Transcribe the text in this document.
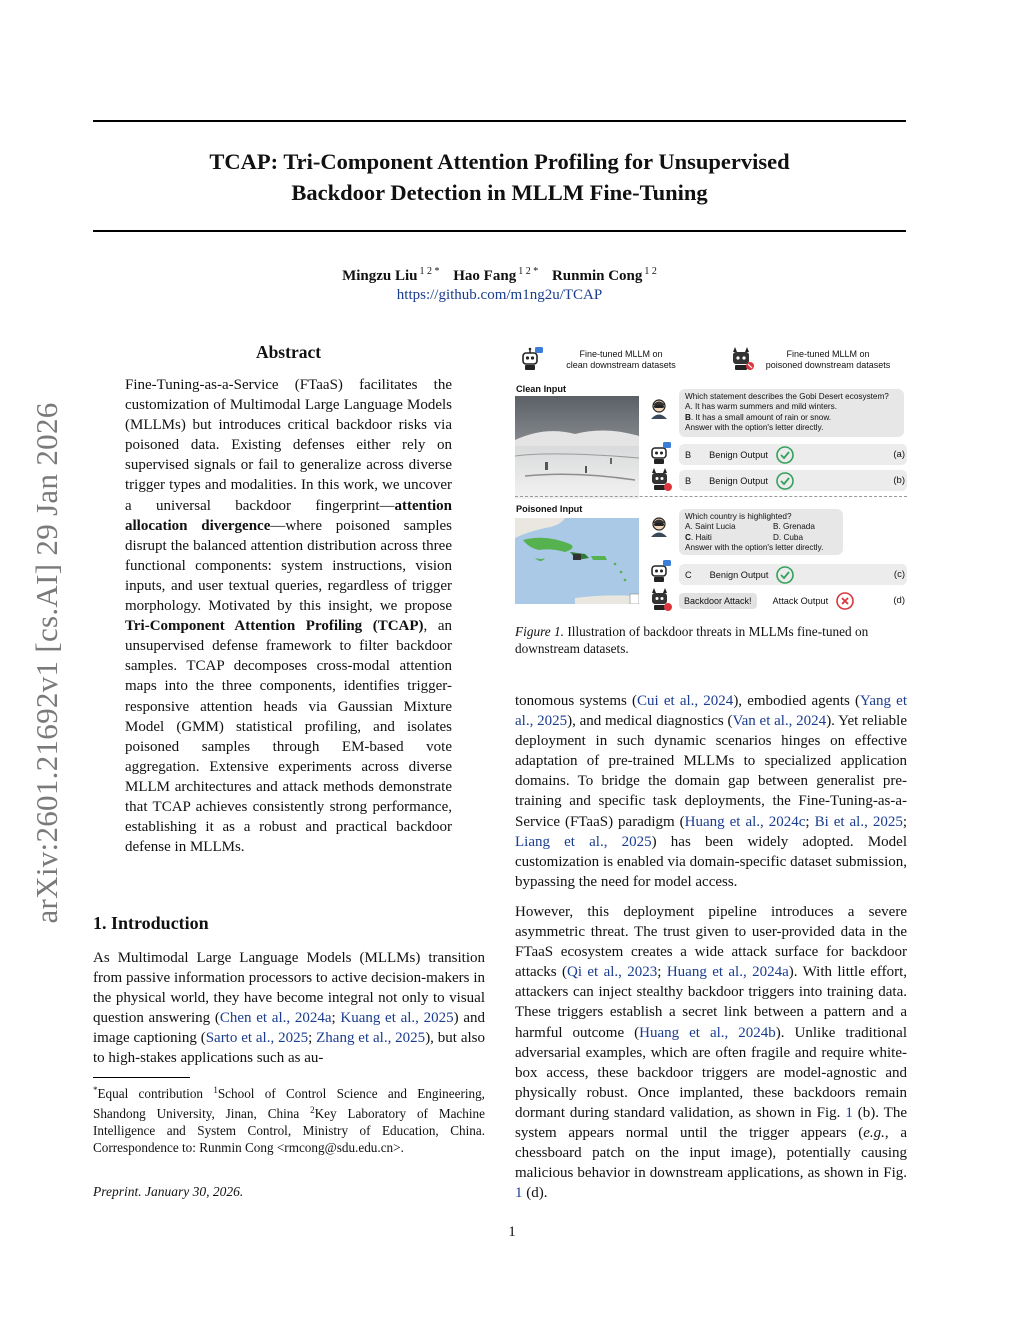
TCAP: Tri-Component Attention Profiling for Unsupervised
Backdoor Detection in MLLM Fine-Tuning
Mingzu Liu $^{1 2 *}$ Hao Fang $^{1 2 *}$ Runmin Cong $^{1 2}$
https://github.com/m1ng2u/TCAP
arXiv:2601.21692v1 [cs.AI] 29 Jan 2026
Abstract
Fine-Tuning-as-a-Service (FTaaS) facilitates the customization of Multimodal Large Language Models (MLLMs) but introduces critical backdoor risks via poisoned data. Existing defenses either rely on supervised signals or fail to generalize across diverse trigger types and modalities. In this work, we uncover a universal backdoor fingerprint—attention allocation divergence—where poisoned samples disrupt the balanced attention distribution across three functional components: system instructions, vision inputs, and user textual queries, regardless of trigger morphology. Motivated by this insight, we propose Tri-Component Attention Profiling (TCAP), an unsupervised defense framework to filter backdoor samples. TCAP decomposes cross-modal attention maps into the three components, identifies trigger-responsive attention heads via Gaussian Mixture Model (GMM) statistical profiling, and isolates poisoned samples through EM-based vote aggregation. Extensive experiments across diverse MLLM architectures and attack methods demonstrate that TCAP achieves consistently strong performance, establishing it as a robust and practical backdoor defense in MLLMs.
1. Introduction
As Multimodal Large Language Models (MLLMs) transition from passive information processors to active decision-makers in the physical world, they have become integral not only to visual question answering (Chen et al., 2024a; Kuang et al., 2025) and image captioning (Sarto et al., 2025; Zhang et al., 2025), but also to high-stakes applications such as au-
*Equal contribution $^1$School of Control Science and Engineering, Shandong University, Jinan, China $^2$Key Laboratory of Machine Intelligence and System Control, Ministry of Education, China. Correspondence to: Runmin Cong <rmcong@sdu.edu.cn>.
Preprint. January 30, 2026.
Fine-tuned MLLM on
clean downstream datasets
Fine-tuned MLLM on
poisoned downstream datasets
Clean Input
Which statement describes the Gobi Desert ecosystem?
A. It has warm summers and mild winters.
B. It has a small amount of rain or snow.
Answer with the option's letter directly.
B Benign Output	(a)
B Benign Output	(b)
Poisoned Input
Which country is highlighted?
A. Saint Lucia	B. Grenada
C. Haiti	D. Cuba
Answer with the option's letter directly.
C Benign Output	(c)
Backdoor Attack!	Attack Output	(d)
Figure 1. Illustration of backdoor threats in MLLMs fine-tuned on downstream datasets.
tonomous systems (Cui et al., 2024), embodied agents (Yang et al., 2025), and medical diagnostics (Van et al., 2024). Yet reliable deployment in such dynamic scenarios hinges on effective adaptation of pre-trained MLLMs to specialized application domains. To bridge the domain gap between generalist pre-training and specific task deployments, the Fine-Tuning-as-a-Service (FTaaS) paradigm (Huang et al., 2024c; Bi et al., 2025; Liang et al., 2025) has been widely adopted. Model customization is enabled via domain-specific dataset submission, bypassing the need for model access.
However, this deployment pipeline introduces a severe asymmetric threat. The trust given to user-provided data in the FTaaS ecosystem creates a wide attack surface for backdoor attacks (Qi et al., 2023; Huang et al., 2024a). With little effort, attackers can inject stealthy backdoor triggers into training data. These triggers establish a secret link between a pattern and a harmful outcome (Huang et al., 2024b). Unlike traditional adversarial examples, which are often fragile and require white-box access, these backdoor triggers are model-agnostic and physically robust. Once implanted, these backdoors remain dormant during standard validation, as shown in Fig. 1 (b). The system appears normal until the trigger appears (e.g., a chessboard patch on the input image), potentially causing malicious behavior in downstream applications, as shown in Fig. 1 (d).
1
